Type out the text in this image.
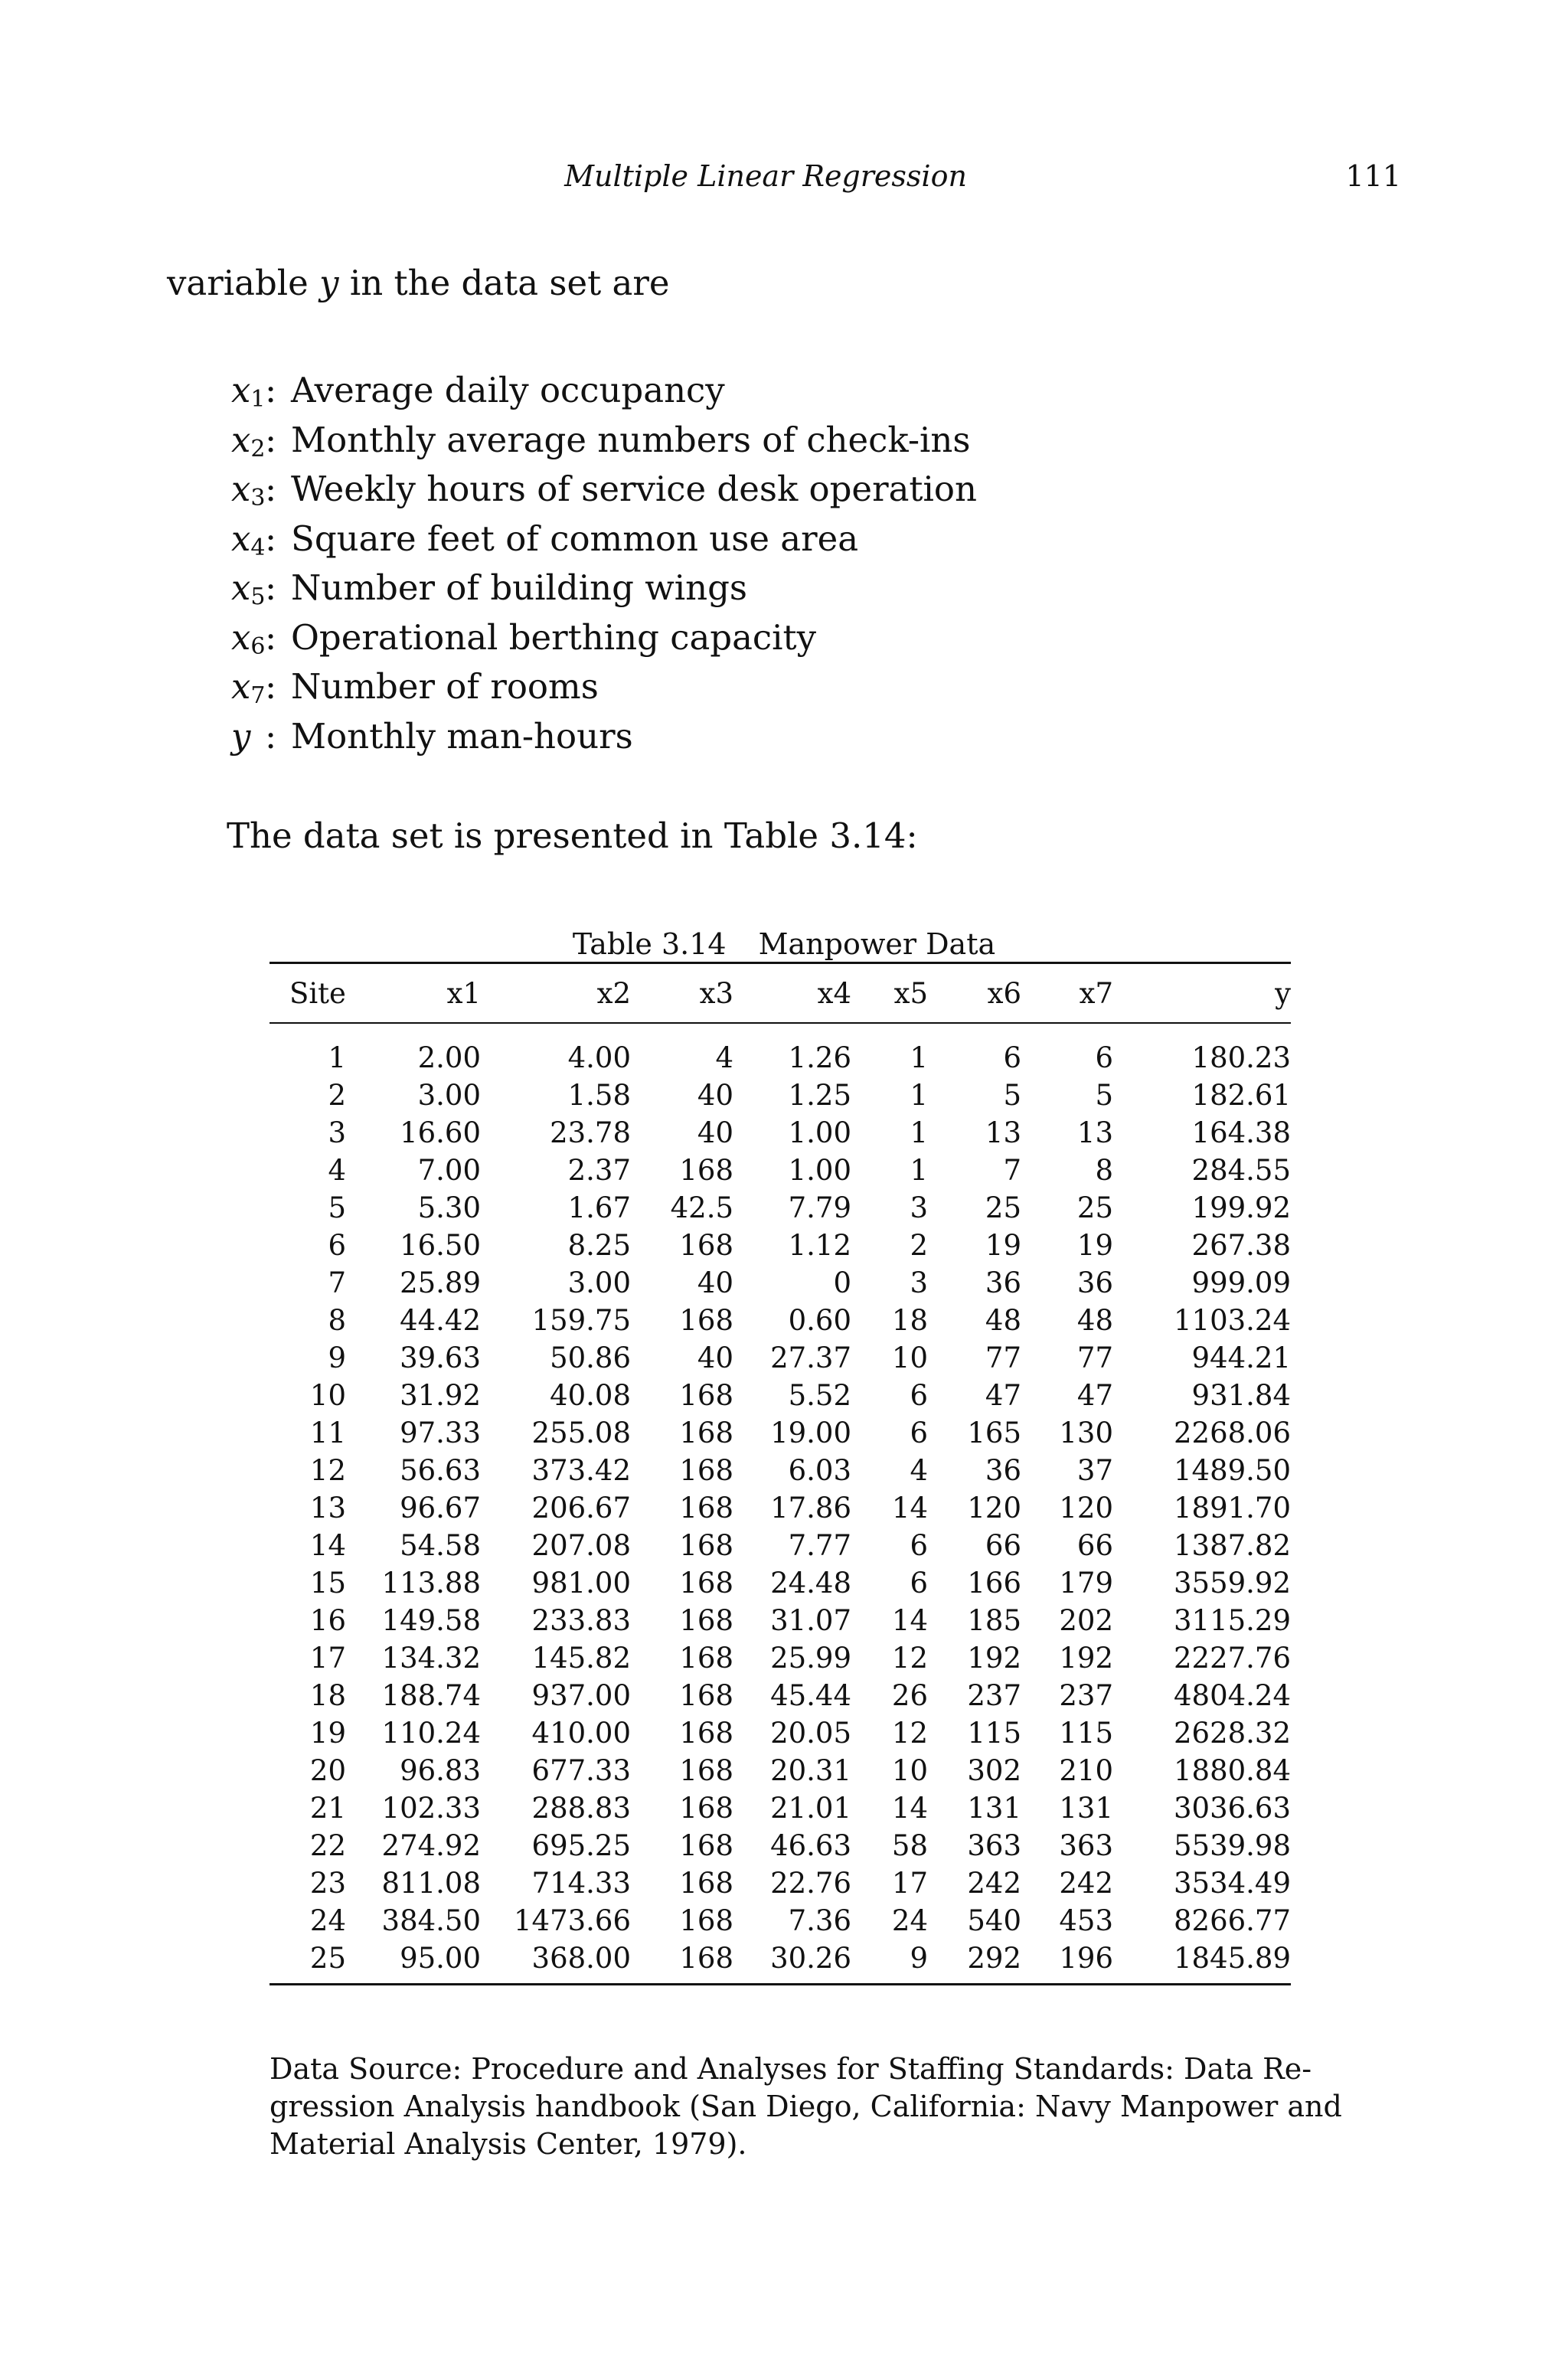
Multiple Linear Regression	111
variable y in the data set are
$x_1$: Average daily occupancy
$x_2$: Monthly average numbers of check-ins
$x_3$: Weekly hours of service desk operation
$x_4$: Square feet of common use area
$x_5$: Number of building wings
$x_6$: Operational berthing capacity
$x_7$: Number of rooms
y : Monthly man-hours
The data set is presented in Table 3.14:
Table 3.14 Manpower Data
Site	x1	x2	x3	x4	x5	x6	x7	y
1	2.00	4.00	4	1.26	1	6	6	180.23
2	3.00	1.58	40	1.25	1	5	5	182.61
3	16.60	23.78	40	1.00	1	13	13	164.38
4	7.00	2.37	168	1.00	1	7	8	284.55
5	5.30	1.67	42.5	7.79	3	25	25	199.92
6	16.50	8.25	168	1.12	2	19	19	267.38
7	25.89	3.00	40	0	3	36	36	999.09
8	44.42	159.75	168	0.60	18	48	48	1103.24
9	39.63	50.86	40	27.37	10	77	77	944.21
10	31.92	40.08	168	5.52	6	47	47	931.84
11	97.33	255.08	168	19.00	6	165	130	2268.06
12	56.63	373.42	168	6.03	4	36	37	1489.50
13	96.67	206.67	168	17.86	14	120	120	1891.70
14	54.58	207.08	168	7.77	6	66	66	1387.82
15	113.88	981.00	168	24.48	6	166	179	3559.92
16	149.58	233.83	168	31.07	14	185	202	3115.29
17	134.32	145.82	168	25.99	12	192	192	2227.76
18	188.74	937.00	168	45.44	26	237	237	4804.24
19	110.24	410.00	168	20.05	12	115	115	2628.32
20	96.83	677.33	168	20.31	10	302	210	1880.84
21	102.33	288.83	168	21.01	14	131	131	3036.63
22	274.92	695.25	168	46.63	58	363	363	5539.98
23	811.08	714.33	168	22.76	17	242	242	3534.49
24	384.50	1473.66	168	7.36	24	540	453	8266.77
25	95.00	368.00	168	30.26	9	292	196	1845.89
Data Source: Procedure and Analyses for Staffing Standards: Data Re-
gression Analysis handbook (San Diego, California: Navy Manpower and
Material Analysis Center, 1979).
